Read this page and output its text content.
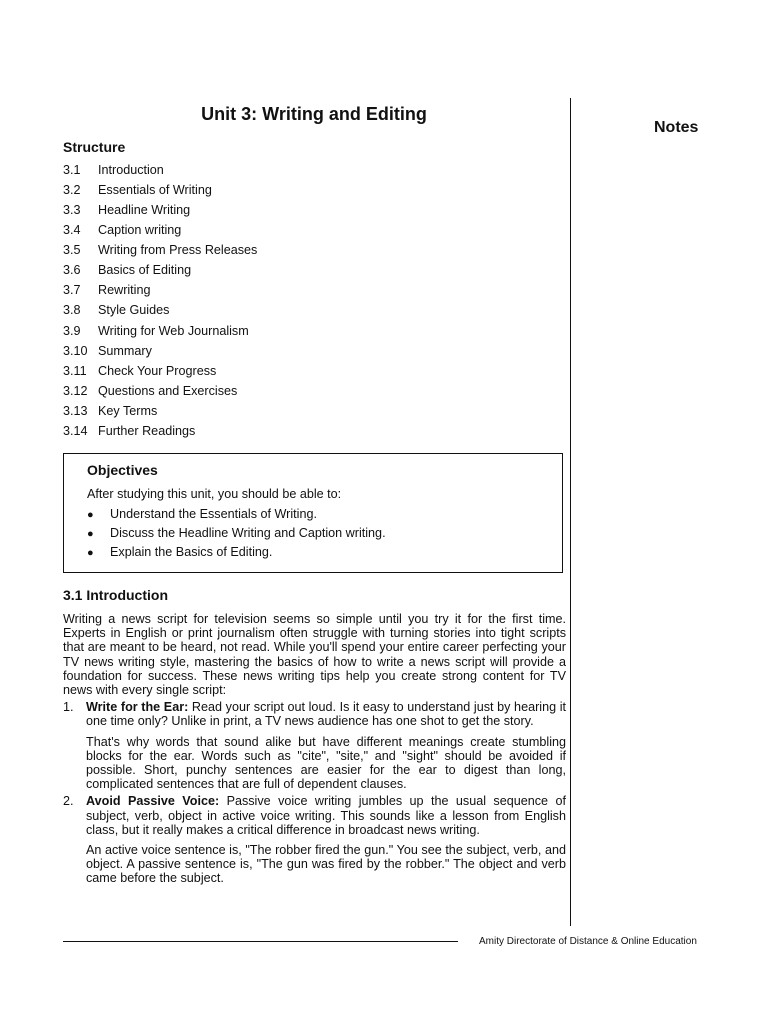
Notes
Unit 3: Writing and Editing
Structure
3.1 Introduction
3.2 Essentials of Writing
3.3 Headline Writing
3.4 Caption writing
3.5 Writing from Press Releases
3.6 Basics of Editing
3.7 Rewriting
3.8 Style Guides
3.9 Writing for Web Journalism
3.10 Summary
3.11 Check Your Progress
3.12 Questions and Exercises
3.13 Key Terms
3.14 Further Readings
Objectives
After studying this unit, you should be able to:
● Understand the Essentials of Writing.
● Discuss the Headline Writing and Caption writing.
● Explain the Basics of Editing.
3.1 Introduction

Writing a news script for television seems so simple until you try it for the first time. Experts in English or print journalism often struggle with turning stories into tight scripts that are meant to be heard, not read. While you'll spend your entire career perfecting your TV news writing style, mastering the basics of how to write a news script will provide a foundation for success. These news writing tips help you create strong content for TV news with every single script:

1. Write for the Ear: Read your script out loud. Is it easy to understand just by hearing it one time only? Unlike in print, a TV news audience has one shot to get the story.

That's why words that sound alike but have different meanings create stumbling blocks for the ear. Words such as "cite", "site," and "sight" should be avoided if possible. Short, punchy sentences are easier for the ear to digest than long, complicated sentences that are full of dependent clauses.

2. Avoid Passive Voice: Passive voice writing jumbles up the usual sequence of subject, verb, object in active voice writing. This sounds like a lesson from English class, but it really makes a critical difference in broadcast news writing.

An active voice sentence is, "The robber fired the gun." You see the subject, verb, and object. A passive sentence is, "The gun was fired by the robber." The object and verb came before the subject.

Amity Directorate of Distance & Online Education
